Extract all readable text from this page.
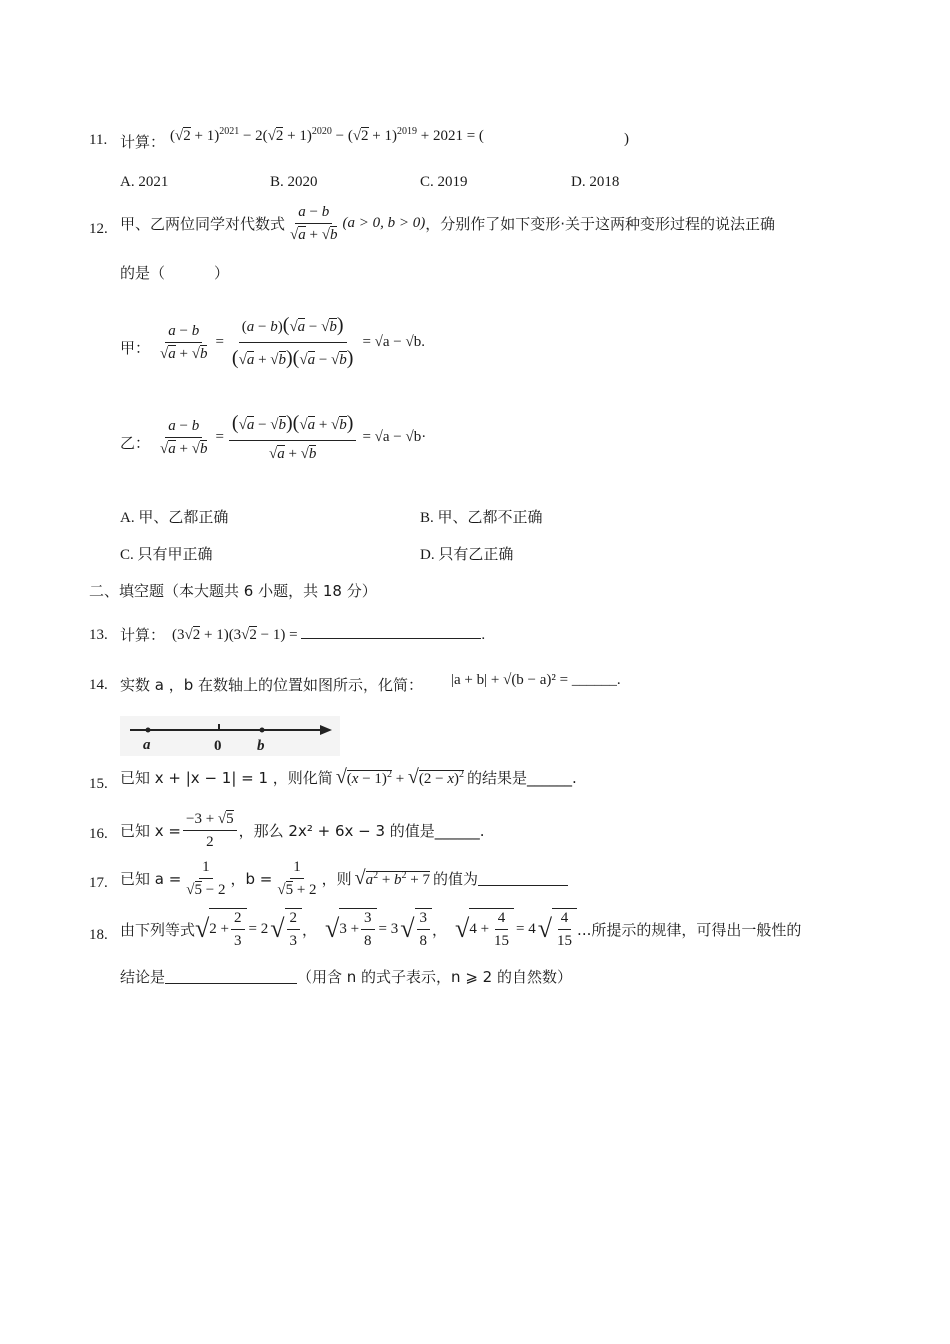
11. 计算： $(√2 + 1)^{2021} - 2(√2 + 1)^{2020} - (√2 + 1)^{2019} + 2021$ = (	)
A. 2021	B. 2020	C. 2019	D. 2018
12. 甲、乙两位同学对代数式 $\frac{a - b}{√a + √b} (a > 0$, b > 0) ，分别作了如下变形·关于这两种变形过程的说法正确
的是（	）
甲： $\frac{a - b}{√a + √b} = \frac{(a - b)(√a - √b)}{(√a + √b)(√a - √b)} = √a - √b$ .
乙： $\frac{a - b}{√a + √b} = \frac{(√a - √b)(√a + √b)}{√a + √b} = √a - √b$ ·
A. 甲、乙都正确	B. 甲、乙都不正确
C. 只有甲正确	D. 只有乙正确
二、填空题（本大题共 6 小题，共 18 分）
13. 计算： (3√2 + 1)(3√2 − 1) =	.
14. 实数 a ，b 在数轴上的位置如图所示，化简： |a + b| + √(b − a)² = ______.
a	0 b
15. 已知 x + |x − 1| = 1 ，则化简 $√(x - 1)^2 + √(2 - x)^2$ 的结果是______.
16. 已知 $x = \frac{-3 + √5}{2}$ ，那么 2x² + 6x − 3 的值是______.
17. 已知 $a = \frac{1}{√5 - 2}$ ，$b = \frac{1}{√5 + 2}$ ，则 $√a^2 + b^2 + 7$ 的值为
18. 由下列等式 √ $2 + \frac{2}{3} = 2$ √ $\frac{2}{3}$ ， √ $3 + \frac{3}{8} = 3$ √ $\frac{3}{8}$ ， √ $4 + \frac{4}{15} = 4$ √ $\frac{4}{15}$ ...所提示的规律，可得出一般性的
结论是	（用含 n 的式子表示，n ⩾ 2 的自然数）
